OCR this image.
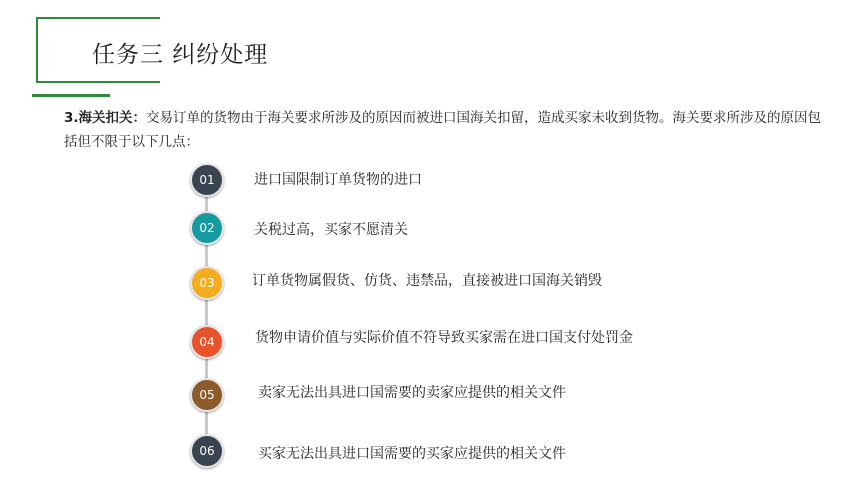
任务三 纠纷处理
3.海关扣关：交易订单的货物由于海关要求所涉及的原因而被进口国海关扣留，造成买家未收到货物。海关要求所涉及的原因包括但不限于以下几点：
01	进口国限制订单货物的进口
02	关税过高，买家不愿清关
03	订单货物属假货、仿货、违禁品，直接被进口国海关销毁
04	货物申请价值与实际价值不符导致买家需在进口国支付处罚金
05	卖家无法出具进口国需要的卖家应提供的相关文件
06	买家无法出具进口国需要的买家应提供的相关文件
